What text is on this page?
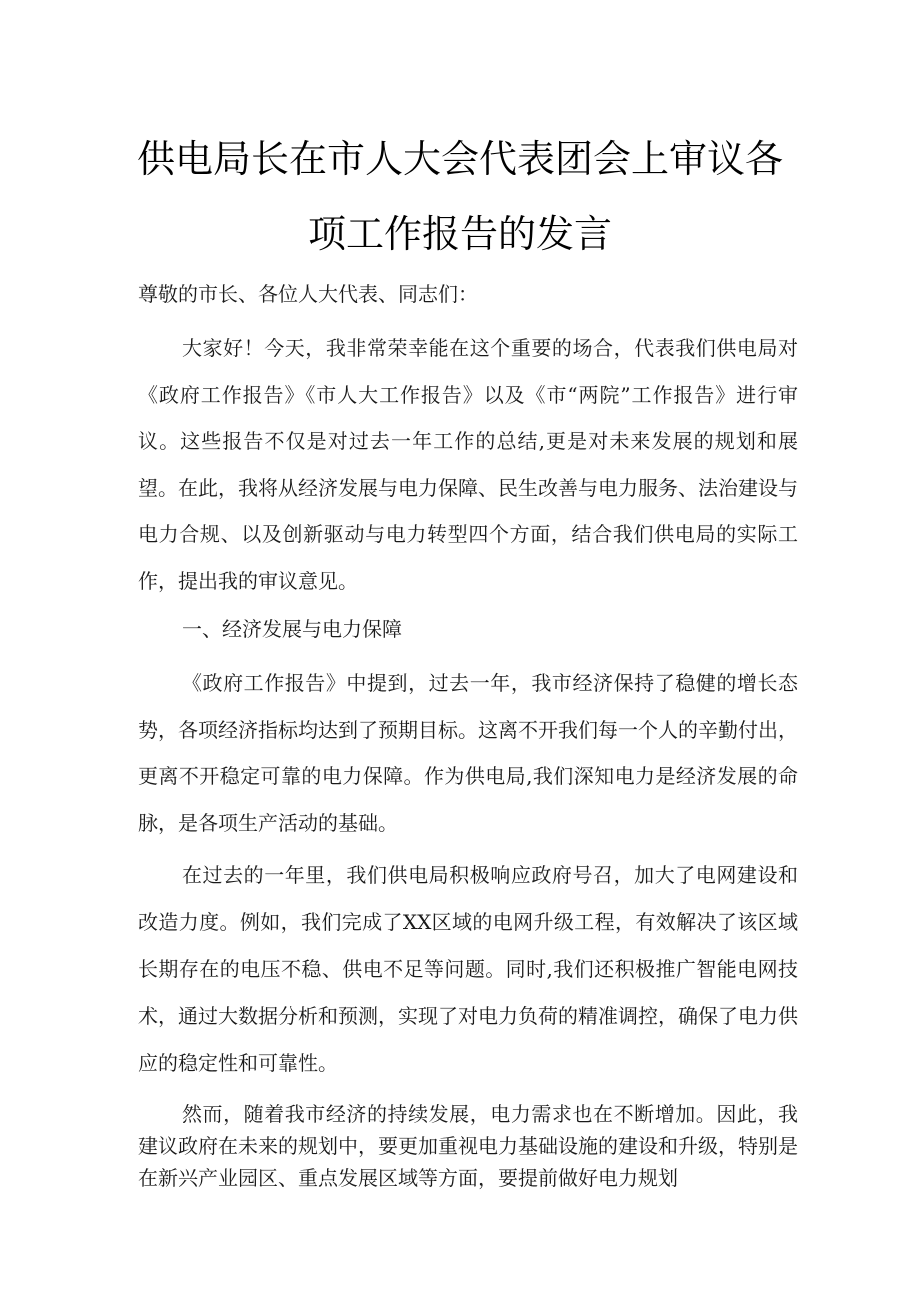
供电局长在市人大会代表团会上审议各
项工作报告的发言
尊敬的市长、各位人大代表、同志们：
大家好！今天，我非常荣幸能在这个重要的场合，代表我们供电局对《政府工作报告》《市人大工作报告》以及《市“两院”工作报告》进行审议。这些报告不仅是对过去一年工作的总结,更是对未来发展的规划和展望。在此，我将从经济发展与电力保障、民生改善与电力服务、法治建设与电力合规、以及创新驱动与电力转型四个方面，结合我们供电局的实际工作，提出我的审议意见。
一、经济发展与电力保障
《政府工作报告》中提到，过去一年，我市经济保持了稳健的增长态势，各项经济指标均达到了预期目标。这离不开我们每一个人的辛勤付出，更离不开稳定可靠的电力保障。作为供电局,我们深知电力是经济发展的命脉，是各项生产活动的基础。
在过去的一年里，我们供电局积极响应政府号召，加大了电网建设和改造力度。例如，我们完成了XX区域的电网升级工程，有效解决了该区域长期存在的电压不稳、供电不足等问题。同时,我们还积极推广智能电网技术，通过大数据分析和预测，实现了对电力负荷的精准调控，确保了电力供应的稳定性和可靠性。
然而，随着我市经济的持续发展，电力需求也在不断增加。因此，我建议政府在未来的规划中，要更加重视电力基础设施的建设和升级，特别是在新兴产业园区、重点发展区域等方面，要提前做好电力规划
